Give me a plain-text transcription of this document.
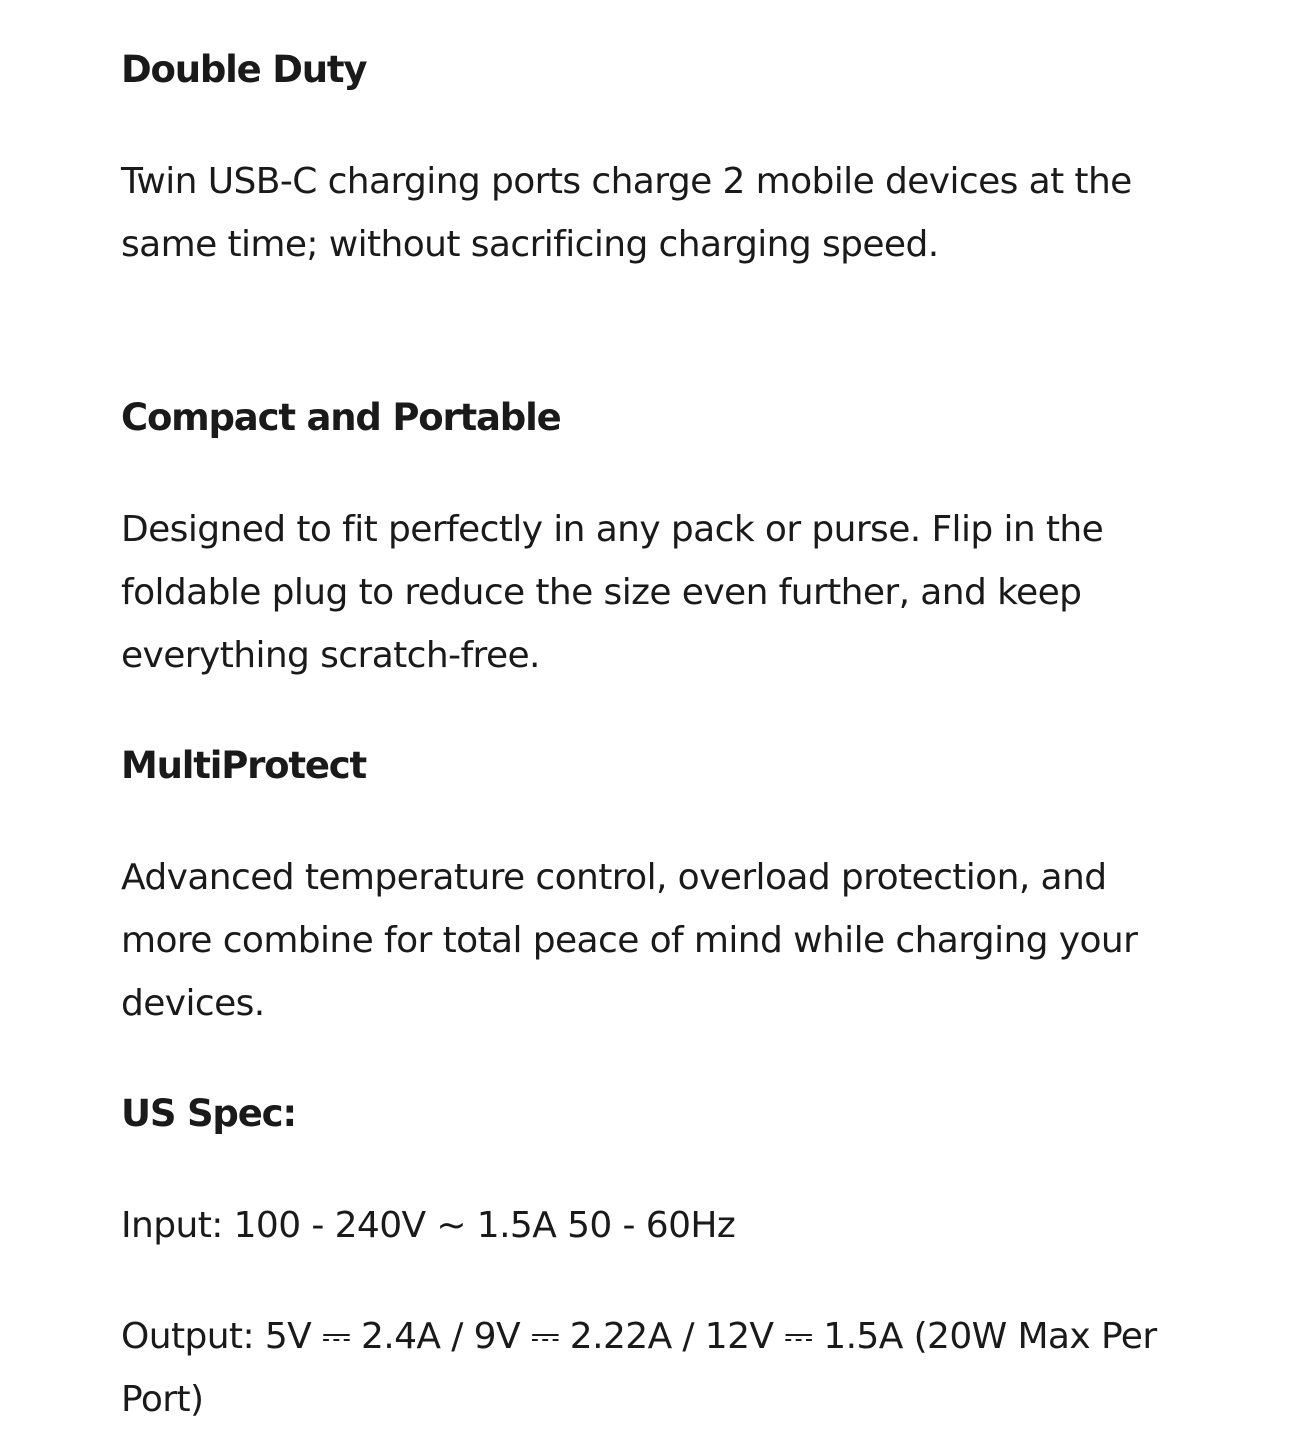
Double Duty

Twin USB-C charging ports charge 2 mobile devices at the same time; without sacrificing charging speed.

Compact and Portable

Designed to fit perfectly in any pack or purse. Flip in the foldable plug to reduce the size even further, and keep everything scratch-free.

MultiProtect

Advanced temperature control, overload protection, and more combine for total peace of mind while charging your devices.

US Spec:

Input: 100 - 240V ~ 1.5A 50 - 60Hz

Output: 5V ⎓ 2.4A / 9V ⎓ 2.22A / 12V ⎓ 1.5A (20W Max Per Port)
